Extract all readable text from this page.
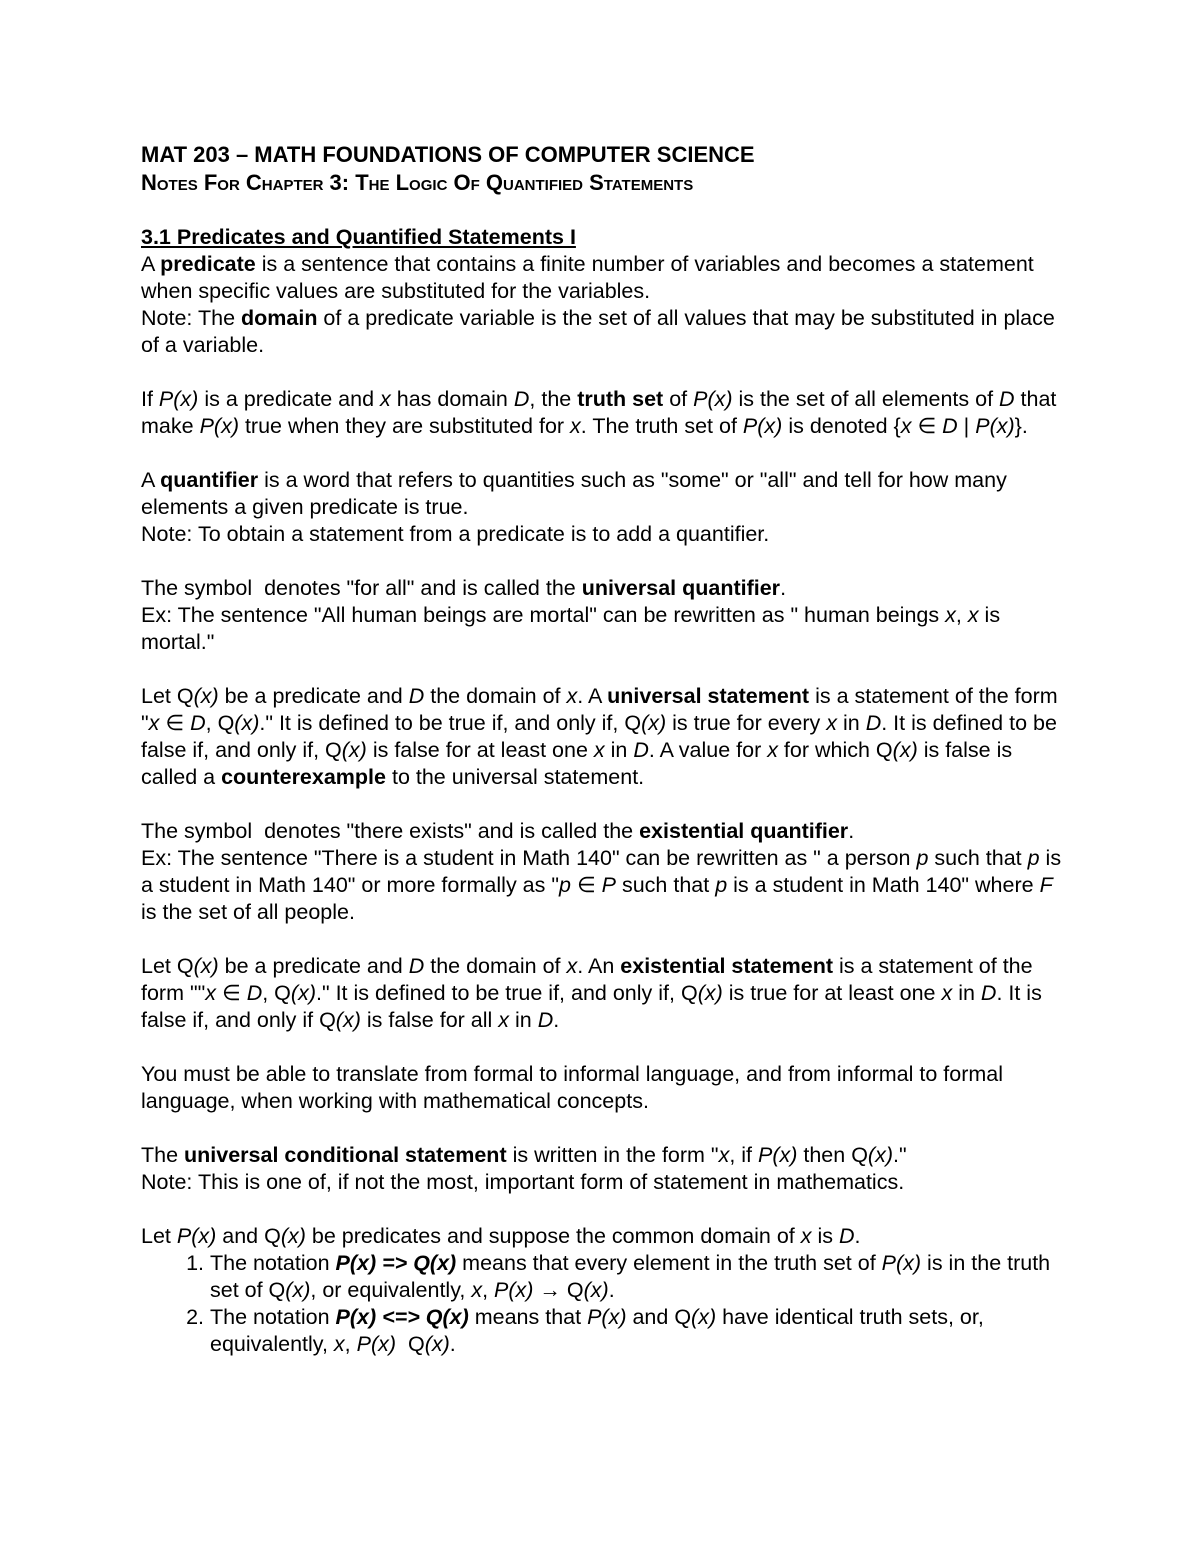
MAT 203 – MATH FOUNDATIONS OF COMPUTER SCIENCE

Notes For Chapter 3: The Logic Of Quantified Statements

3.1 Predicates and Quantified Statements I

A predicate is a sentence that contains a finite number of variables and becomes a statement when specific values are substituted for the variables.

Note: The domain of a predicate variable is the set of all values that may be substituted in place of a variable.

If P(x) is a predicate and x has domain D, the truth set of P(x) is the set of all elements of D that make P(x) true when they are substituted for x. The truth set of P(x) is denoted {x ∈ D | P(x)}.

A quantifier is a word that refers to quantities such as "some" or "all" and tell for how many elements a given predicate is true.

Note: To obtain a statement from a predicate is to add a quantifier.

The symbol  denotes "for all" and is called the universal quantifier.

Ex: The sentence "All human beings are mortal" can be rewritten as " human beings x, x is mortal."

Let Q(x) be a predicate and D the domain of x. A universal statement is a statement of the form "x ∈ D, Q(x)." It is defined to be true if, and only if, Q(x) is true for every x in D. It is defined to be false if, and only if, Q(x) is false for at least one x in D. A value for x for which Q(x) is false is called a counterexample to the universal statement.

The symbol  denotes "there exists" and is called the existential quantifier.

Ex: The sentence "There is a student in Math 140" can be rewritten as " a person p such that p is a student in Math 140" or more formally as "p ∈ P such that p is a student in Math 140" where F is the set of all people.

Let Q(x) be a predicate and D the domain of x. An existential statement is a statement of the form ""x ∈ D, Q(x)." It is defined to be true if, and only if, Q(x) is true for at least one x in D. It is false if, and only if Q(x) is false for all x in D.

You must be able to translate from formal to informal language, and from informal to formal language, when working with mathematical concepts.

The universal conditional statement is written in the form "x, if P(x) then Q(x)."

Note: This is one of, if not the most, important form of statement in mathematics.

Let P(x) and Q(x) be predicates and suppose the common domain of x is D.

1. The notation P(x) => Q(x) means that every element in the truth set of P(x) is in the truth set of Q(x), or equivalently, x, P(x) → Q(x).
2. The notation P(x) <=> Q(x) means that P(x) and Q(x) have identical truth sets, or, equivalently, x, P(x)  Q(x).
